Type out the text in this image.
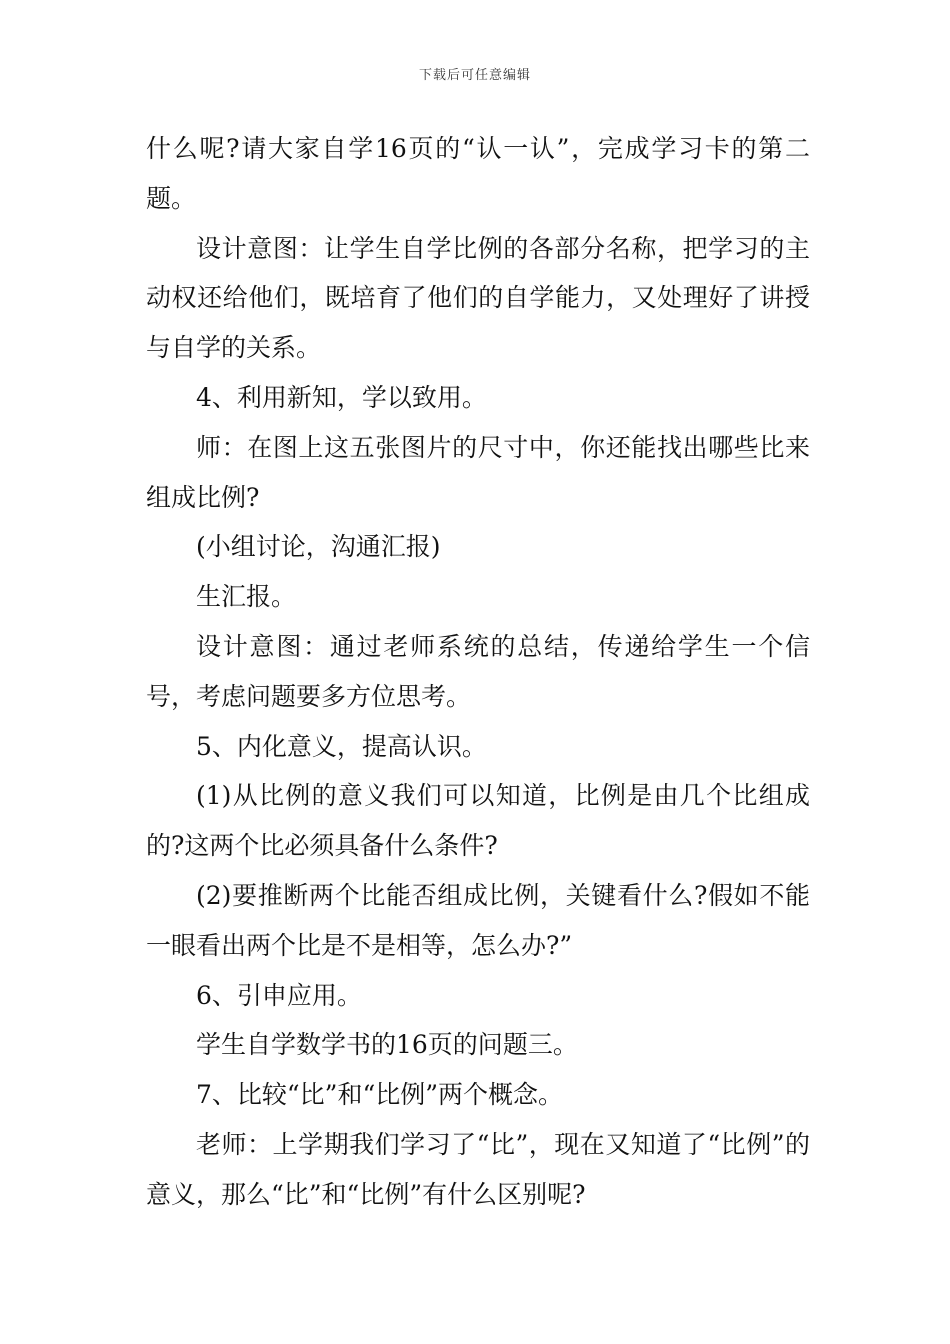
下载后可任意编辑

什么呢?请大家自学16页的“认一认”，完成学习卡的第二题。

设计意图：让学生自学比例的各部分名称，把学习的主动权还给他们，既培育了他们的自学能力，又处理好了讲授与自学的关系。

4、利用新知，学以致用。

师：在图上这五张图片的尺寸中，你还能找出哪些比来组成比例?

(小组讨论，沟通汇报)

生汇报。

设计意图：通过老师系统的总结，传递给学生一个信号，考虑问题要多方位思考。

5、内化意义，提高认识。

(1)从比例的意义我们可以知道，比例是由几个比组成的?这两个比必须具备什么条件?

(2)要推断两个比能否组成比例，关键看什么?假如不能一眼看出两个比是不是相等，怎么办?”

6、引申应用。

学生自学数学书的16页的问题三。

7、比较“比”和“比例”两个概念。

老师：上学期我们学习了“比”，现在又知道了“比例”的意义，那么“比”和“比例”有什么区别呢?
